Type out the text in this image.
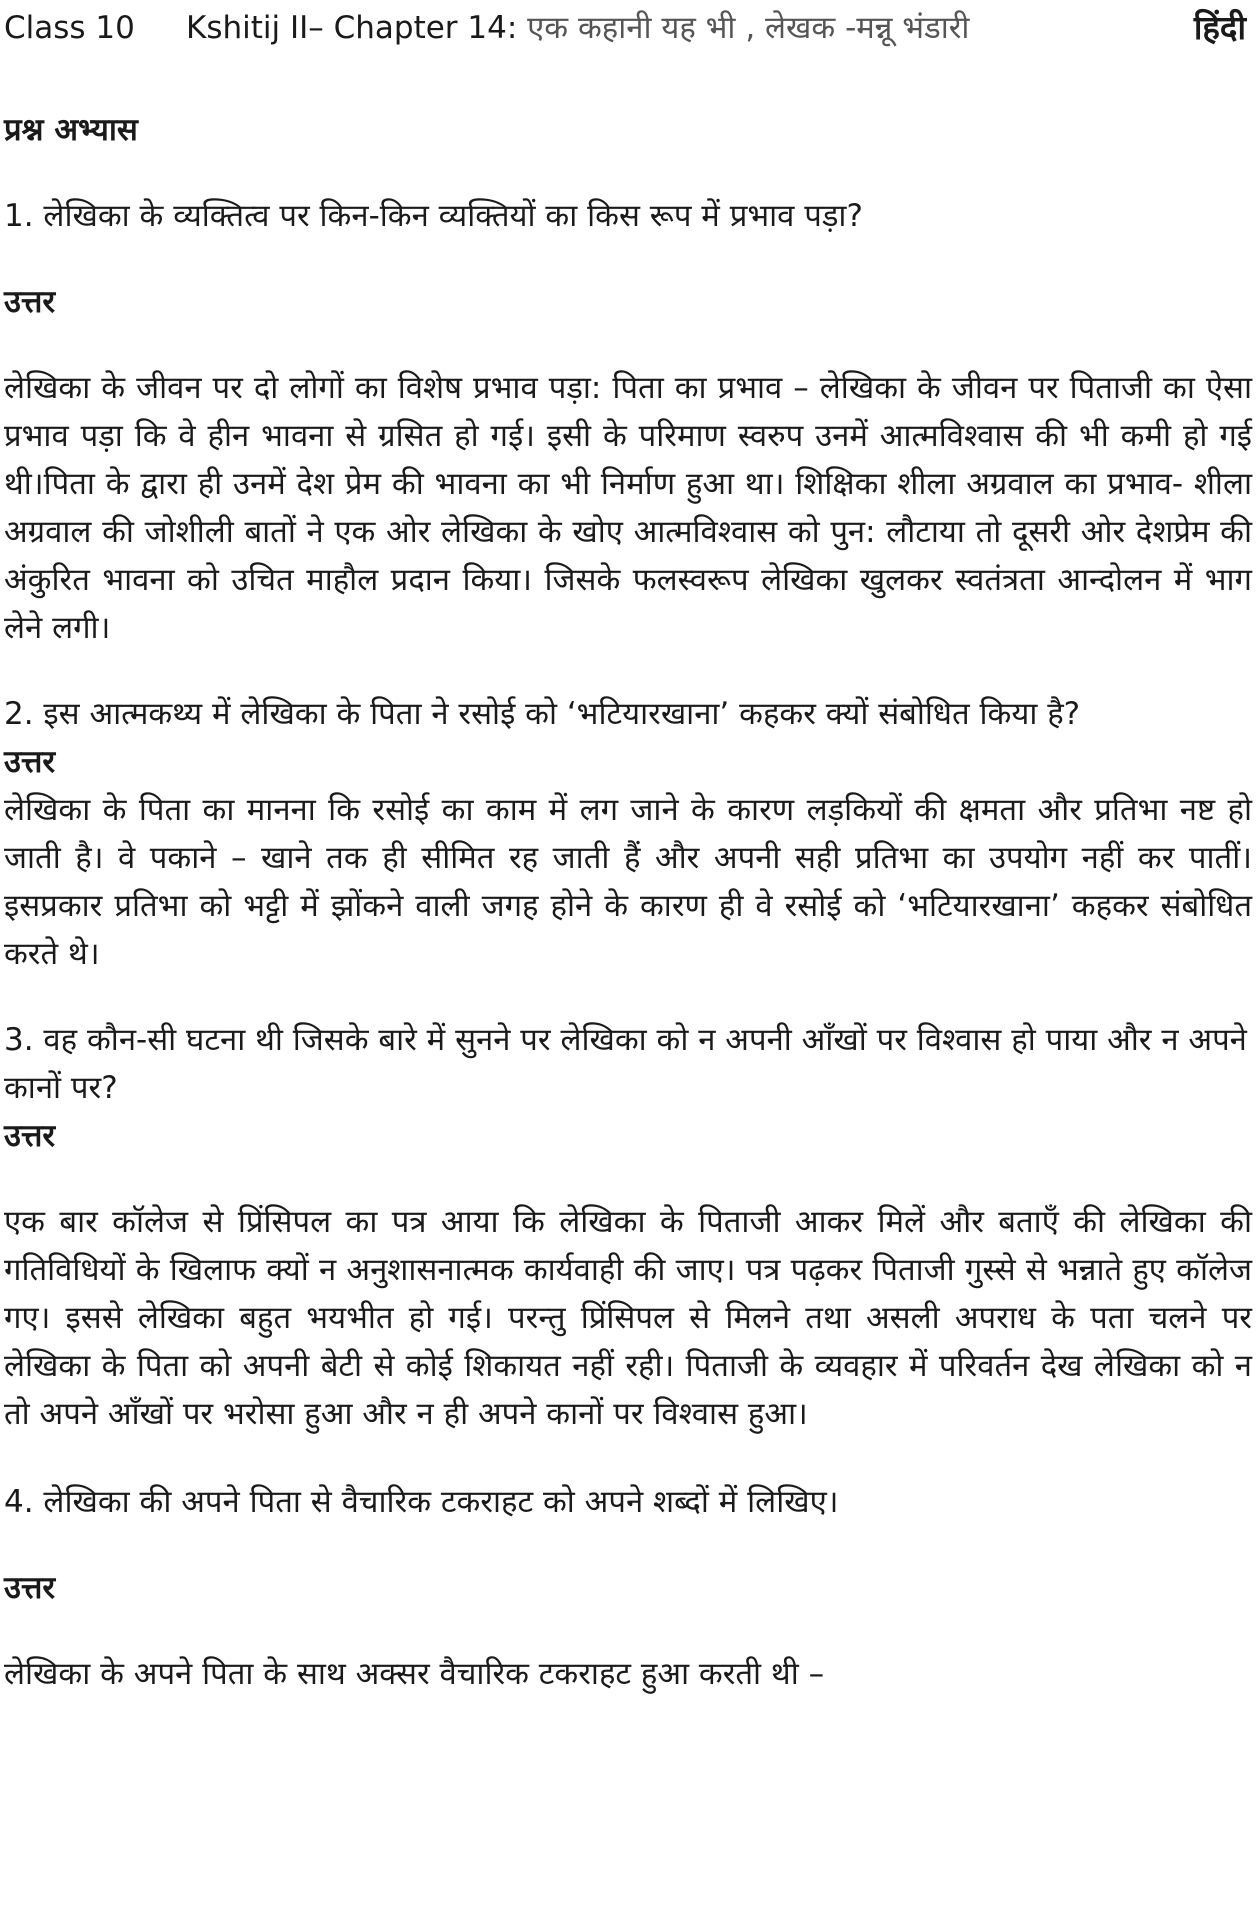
Class 10 Kshitij II– Chapter 14: एक कहानी यह भी , लेखक -मन्नू भंडारी	हिंदी
प्रश्न अभ्यास
1. लेखिका के व्यक्तित्व पर किन-किन व्यक्तियों का किस रूप में प्रभाव पड़ा?
उत्तर
लेखिका के जीवन पर दो लोगों का विशेष प्रभाव पड़ा: पिता का प्रभाव – लेखिका के जीवन पर पिताजी का ऐसा प्रभाव पड़ा कि वे हीन भावना से ग्रसित हो गई। इसी के परिमाण स्वरुप उनमें आत्मविश्वास की भी कमी हो गई थी।पिता के द्वारा ही उनमें देश प्रेम की भावना का भी निर्माण हुआ था। शिक्षिका शीला अग्रवाल का प्रभाव- शीला अग्रवाल की जोशीली बातों ने एक ओर लेखिका के खोए आत्मविश्वास को पुन: लौटाया तो दूसरी ओर देशप्रेम की अंकुरित भावना को उचित माहौल प्रदान किया। जिसके फलस्वरूप लेखिका खुलकर स्वतंत्रता आन्दोलन में भाग लेने लगी।
2. इस आत्मकथ्य में लेखिका के पिता ने रसोई को ‘भटियारखाना’ कहकर क्यों संबोधित किया है?
उत्तर
लेखिका के पिता का मानना कि रसोई का काम में लग जाने के कारण लड़कियों की क्षमता और प्रतिभा नष्ट हो जाती है। वे पकाने – खाने तक ही सीमित रह जाती हैं और अपनी सही प्रतिभा का उपयोग नहीं कर पातीं। इसप्रकार प्रतिभा को भट्टी में झोंकने वाली जगह होने के कारण ही वे रसोई को ‘भटियारखाना’ कहकर संबोधित करते थे।
3. वह कौन-सी घटना थी जिसके बारे में सुनने पर लेखिका को न अपनी आँखों पर विश्वास हो पाया और न अपने कानों पर?
उत्तर
एक बार कॉलेज से प्रिंसिपल का पत्र आया कि लेखिका के पिताजी आकर मिलें और बताएँ की लेखिका की गतिविधियों के खिलाफ क्यों न अनुशासनात्मक कार्यवाही की जाए। पत्र पढ़कर पिताजी गुस्से से भन्नाते हुए कॉलेज गए। इससे लेखिका बहुत भयभीत हो गई। परन्तु प्रिंसिपल से मिलने तथा असली अपराध के पता चलने पर लेखिका के पिता को अपनी बेटी से कोई शिकायत नहीं रही। पिताजी के व्यवहार में परिवर्तन देख लेखिका को न तो अपने आँखों पर भरोसा हुआ और न ही अपने कानों पर विश्वास हुआ।
4. लेखिका की अपने पिता से वैचारिक टकराहट को अपने शब्दों में लिखिए।
उत्तर
लेखिका के अपने पिता के साथ अक्सर वैचारिक टकराहट हुआ करती थी –
